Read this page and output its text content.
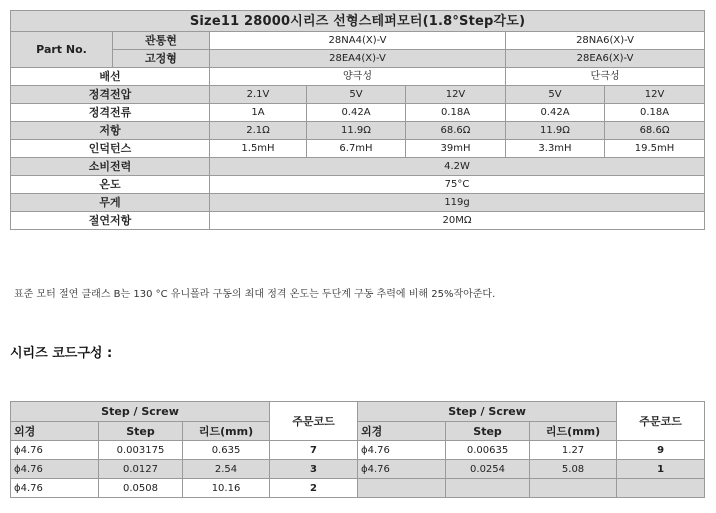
Size11 28000시리즈 선형스테퍼모터(1.8°Step각도)						
Part No.	관통현	28NA4(X)-V			28NA6(X)-V	
	고정형	28EA4(X)-V			28EA6(X)-V	
배선		양극성			단극성	
정격전압		2.1V	5V	12V	5V	12V
정격전류		1A	0.42A	0.18A	0.42A	0.18A
저항		2.1Ω	11.9Ω	68.6Ω	11.9Ω	68.6Ω
인덕턴스		1.5mH	6.7mH	39mH	3.3mH	19.5mH
소비전력		4.2W				
온도		75°C				
무게		119g				
절연저항		20MΩ				
표준 모터 절연 클래스 B는 130 °C 유니폴라 구동의 최대 정격 온도는 두단계 구동 추력에 비해 25%작아준다.
시리즈 코드구성 :
Step / Screw			주문코드	Step / Screw			주문코드
외경	Step	리드(mm)		외경	Step	리드(mm)	
ϕ4.76	0.003175	0.635	7	ϕ4.76	0.00635	1.27	9
ϕ4.76	0.0127	2.54	3	ϕ4.76	0.0254	5.08	1
ϕ4.76	0.0508	10.16	2				
